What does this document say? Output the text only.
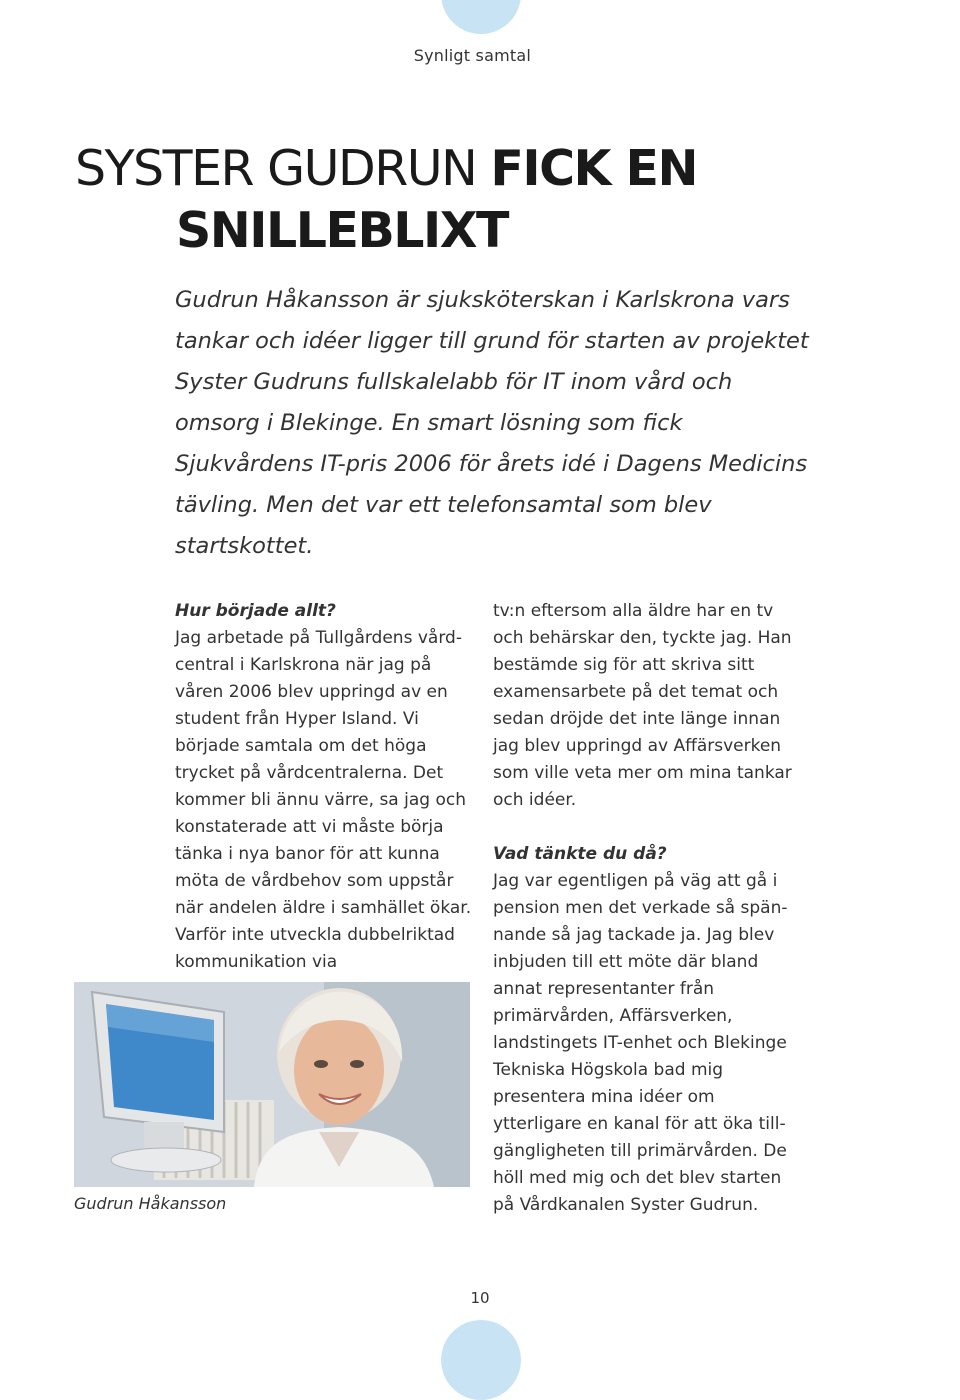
Synligt samtal
SYSTER GUDRUN FICK EN
SNILLEBLIXT

Gudrun Håkansson är sjuksköterskan i Karlskrona vars tankar och idéer ligger till grund för starten av projektet Syster Gudruns fullskalelabb för IT inom vård och omsorg i Blekinge. En smart lösning som fick Sjukvårdens IT-pris 2006 för årets idé i Dagens Medicins tävling. Men det var ett telefonsamtal som blev startskottet.

Hur började allt?

Jag arbetade på Tullgårdens vårdcentral i Karlskrona när jag på våren 2006 blev uppringd av en student från Hyper Island. Vi började samtala om det höga trycket på vårdcentralerna. Det kommer bli ännu värre, sa jag och konstaterade att vi måste börja tänka i nya banor för att kunna möta de vårdbehov som uppstår när andelen äldre i samhället ökar. Varför inte utveckla dubbelriktad kommunikation via

tv:n eftersom alla äldre har en tv och behärskar den, tyckte jag. Han bestämde sig för att skriva sitt examensarbete på det temat och sedan dröjde det inte länge innan jag blev uppringd av Affärsverken som ville veta mer om mina tankar och idéer.

Vad tänkte du då?

Jag var egentligen på väg att gå i pension men det verkade så spännande så jag tackade ja. Jag blev inbjuden till ett möte där bland annat representanter från primärvården, Affärsverken, landstingets IT-enhet och Blekinge Tekniska Högskola bad mig presentera mina idéer om ytterligare en kanal för att öka tillgängligheten till primärvården. De höll med mig och det blev starten på Vårdkanalen Syster Gudrun.

Gudrun Håkansson
10
